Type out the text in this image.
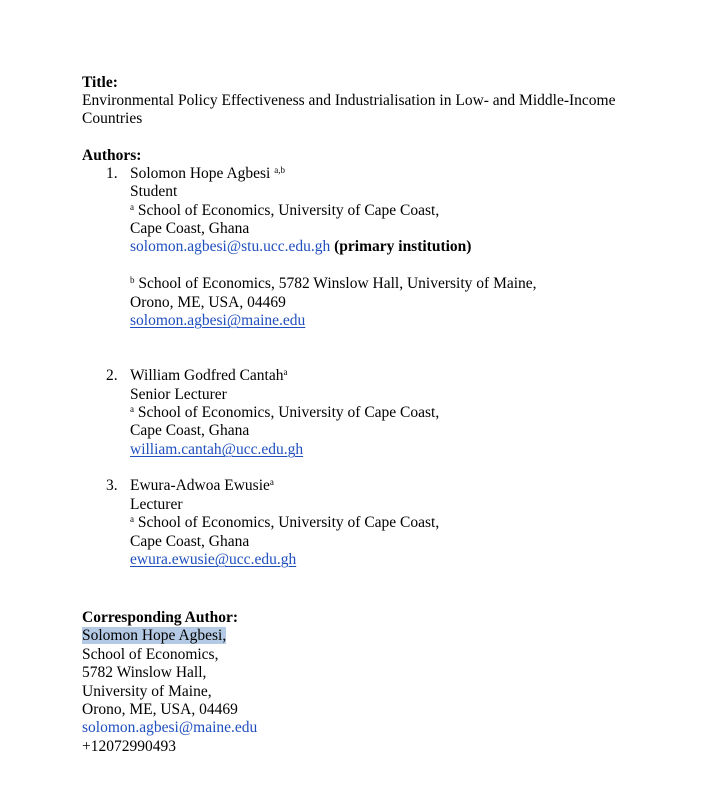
Title:
Environmental Policy Effectiveness and Industrialisation in Low- and Middle-Income
Countries
Authors:
1. Solomon Hope Agbesi $^{a,b}$
Student
$^a$ School of Economics, University of Cape Coast,
Cape Coast, Ghana
solomon.agbesi@stu.ucc.edu.gh (primary institution)
$^b$ School of Economics, 5782 Winslow Hall, University of Maine,
Orono, ME, USA, 04469
solomon.agbesi@maine.edu
2. William Godfred Cantah$^a$
Senior Lecturer
$^a$ School of Economics, University of Cape Coast,
Cape Coast, Ghana
william.cantah@ucc.edu.gh
3. Ewura-Adwoa Ewusie$^a$
Lecturer
$^a$ School of Economics, University of Cape Coast,
Cape Coast, Ghana
ewura.ewusie@ucc.edu.gh
Corresponding Author:
Solomon Hope Agbesi,
School of Economics,
5782 Winslow Hall,
University of Maine,
Orono, ME, USA, 04469
solomon.agbesi@maine.edu
+12072990493
